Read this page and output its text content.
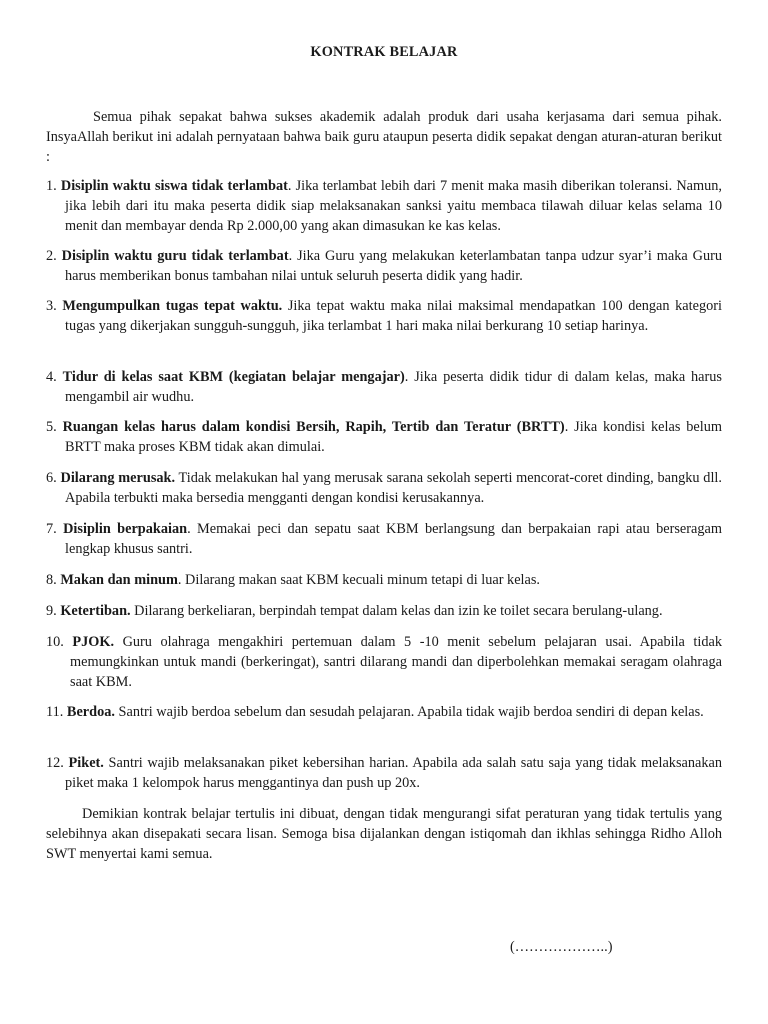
KONTRAK BELAJAR
Semua pihak sepakat bahwa sukses akademik adalah produk dari usaha kerjasama dari semua pihak. InsyaAllah berikut ini adalah pernyataan bahwa baik guru ataupun peserta didik sepakat dengan aturan-aturan berikut :
1. Disiplin waktu siswa tidak terlambat. Jika terlambat lebih dari 7 menit maka masih diberikan toleransi. Namun, jika lebih dari itu maka peserta didik siap melaksanakan sanksi yaitu membaca tilawah diluar kelas selama 10 menit dan membayar denda Rp 2.000,00 yang akan dimasukan ke kas kelas.
2. Disiplin waktu guru tidak terlambat. Jika Guru yang melakukan keterlambatan tanpa udzur syar’i maka Guru harus memberikan bonus tambahan nilai untuk seluruh peserta didik yang hadir.
3. Mengumpulkan tugas tepat waktu. Jika tepat waktu maka nilai maksimal mendapatkan 100 dengan kategori tugas yang dikerjakan sungguh-sungguh, jika terlambat 1 hari maka nilai berkurang 10 setiap harinya.
4. Tidur di kelas saat KBM (kegiatan belajar mengajar). Jika peserta didik tidur di dalam kelas, maka harus mengambil air wudhu.
5. Ruangan kelas harus dalam kondisi Bersih, Rapih, Tertib dan Teratur (BRTT). Jika kondisi kelas belum BRTT maka proses KBM tidak akan dimulai.
6. Dilarang merusak. Tidak melakukan hal yang merusak sarana sekolah seperti mencorat-coret dinding, bangku dll. Apabila terbukti maka bersedia mengganti dengan kondisi kerusakannya.
7. Disiplin berpakaian. Memakai peci dan sepatu saat KBM berlangsung dan berpakaian rapi atau berseragam lengkap khusus santri.
8. Makan dan minum. Dilarang makan saat KBM kecuali minum tetapi di luar kelas.
9. Ketertiban. Dilarang berkeliaran, berpindah tempat dalam kelas dan izin ke toilet secara berulang-ulang.
10. PJOK. Guru olahraga mengakhiri pertemuan dalam 5 -10 menit sebelum pelajaran usai. Apabila tidak memungkinkan untuk mandi (berkeringat), santri dilarang mandi dan diperbolehkan memakai seragam olahraga saat KBM.
11. Berdoa. Santri wajib berdoa sebelum dan sesudah pelajaran. Apabila tidak wajib berdoa sendiri di depan kelas.
12. Piket. Santri wajib melaksanakan piket kebersihan harian. Apabila ada salah satu saja yang tidak melaksanakan piket maka 1 kelompok harus menggantinya dan push up 20x.
Demikian kontrak belajar tertulis ini dibuat, dengan tidak mengurangi sifat peraturan yang tidak tertulis yang selebihnya akan disepakati secara lisan. Semoga bisa dijalankan dengan istiqomah dan ikhlas sehingga Ridho Alloh SWT menyertai kami semua.
(………………..)
